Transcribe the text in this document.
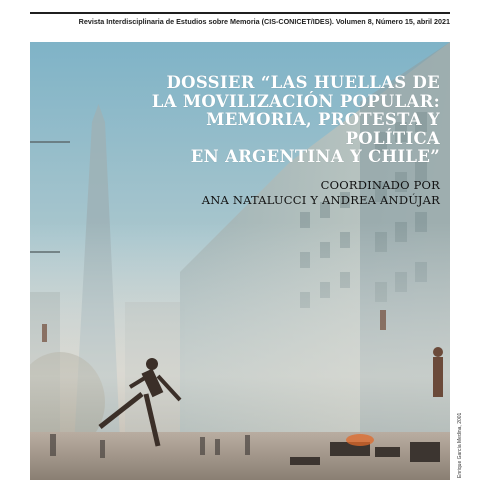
Revista Interdisciplinaria de Estudios sobre Memoria (CIS-CONICET/IDES). Volumen 8, Número 15, abril 2021
DOSSIER “LAS HUELLAS DE
LA MOVILIZACIÓN POPULAR:
MEMORIA, PROTESTA Y POLÍTICA
EN ARGENTINA Y CHILE”
COORDINADO POR
ANA NATALUCCI Y ANDREA ANDÚJAR
Enrique García Medina, 2001
